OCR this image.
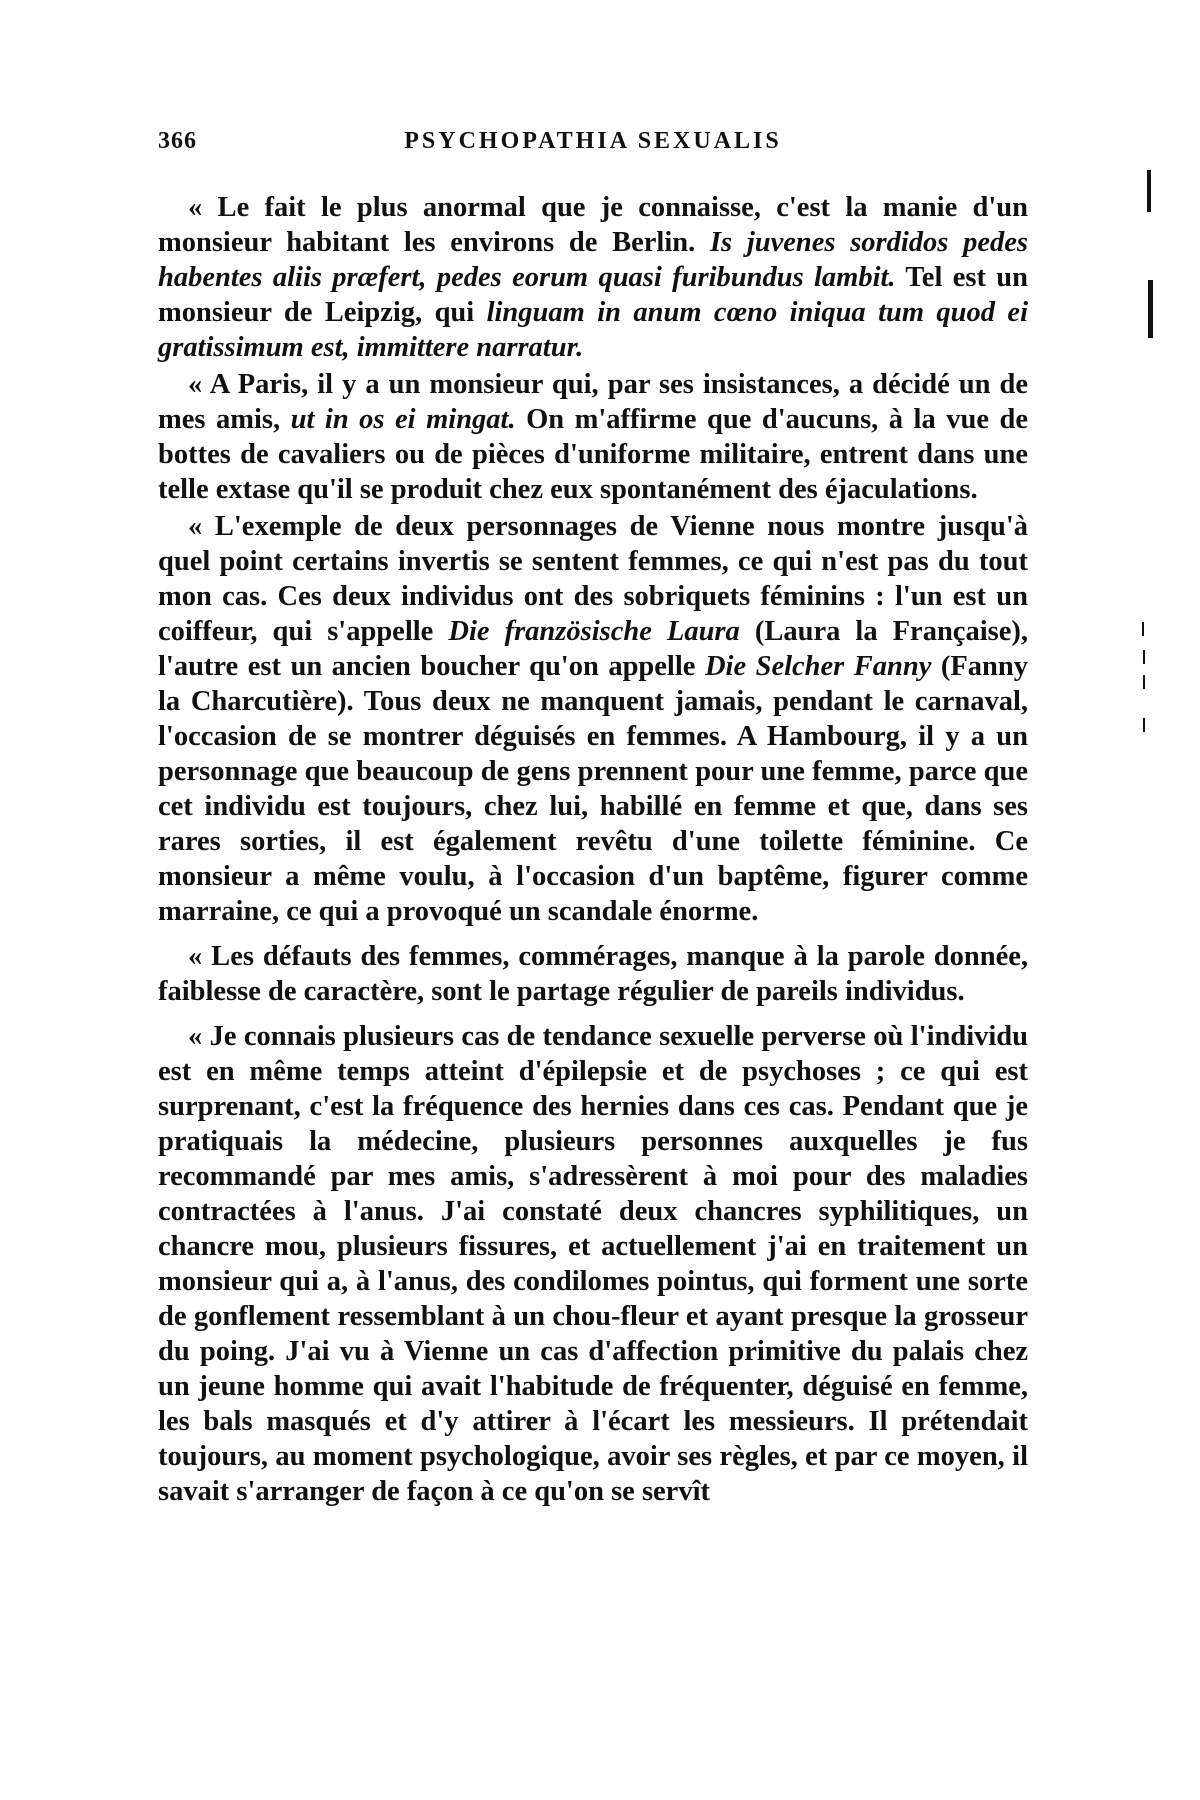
366	PSYCHOPATHIA SEXUALIS

« Le fait le plus anormal que je connaisse, c'est la manie d'un monsieur habitant les environs de Berlin. Is juvenes sordidos pedes habentes aliis præfert, pedes eorum quasi furibundus lambit. Tel est un monsieur de Leipzig, qui linguam in anum cœno iniqua tum quod ei gratissimum est, immittere narratur.

« A Paris, il y a un monsieur qui, par ses insistances, a décidé un de mes amis, ut in os ei mingat. On m'affirme que d'aucuns, à la vue de bottes de cavaliers ou de pièces d'uniforme militaire, entrent dans une telle extase qu'il se produit chez eux spontanément des éjaculations.

« L'exemple de deux personnages de Vienne nous montre jusqu'à quel point certains invertis se sentent femmes, ce qui n'est pas du tout mon cas. Ces deux individus ont des sobriquets féminins : l'un est un coiffeur, qui s'appelle Die französische Laura (Laura la Française), l'autre est un ancien boucher qu'on appelle Die Selcher Fanny (Fanny la Charcutière). Tous deux ne manquent jamais, pendant le carnaval, l'occasion de se montrer déguisés en femmes. A Hambourg, il y a un personnage que beaucoup de gens prennent pour une femme, parce que cet individu est toujours, chez lui, habillé en femme et que, dans ses rares sorties, il est également revêtu d'une toilette féminine. Ce monsieur a même voulu, à l'occasion d'un baptême, figurer comme marraine, ce qui a provoqué un scandale énorme.

« Les défauts des femmes, commérages, manque à la parole donnée, faiblesse de caractère, sont le partage régulier de pareils individus.

« Je connais plusieurs cas de tendance sexuelle perverse où l'individu est en même temps atteint d'épilepsie et de psychoses ; ce qui est surprenant, c'est la fréquence des hernies dans ces cas. Pendant que je pratiquais la médecine, plusieurs personnes auxquelles je fus recommandé par mes amis, s'adressèrent à moi pour des maladies contractées à l'anus. J'ai constaté deux chancres syphilitiques, un chancre mou, plusieurs fissures, et actuellement j'ai en traitement un monsieur qui a, à l'anus, des condilomes pointus, qui forment une sorte de gonflement ressemblant à un chou-fleur et ayant presque la grosseur du poing. J'ai vu à Vienne un cas d'affection primitive du palais chez un jeune homme qui avait l'habitude de fréquenter, déguisé en femme, les bals masqués et d'y attirer à l'écart les messieurs. Il prétendait toujours, au moment psychologique, avoir ses règles, et par ce moyen, il savait s'arranger de façon à ce qu'on se servît
